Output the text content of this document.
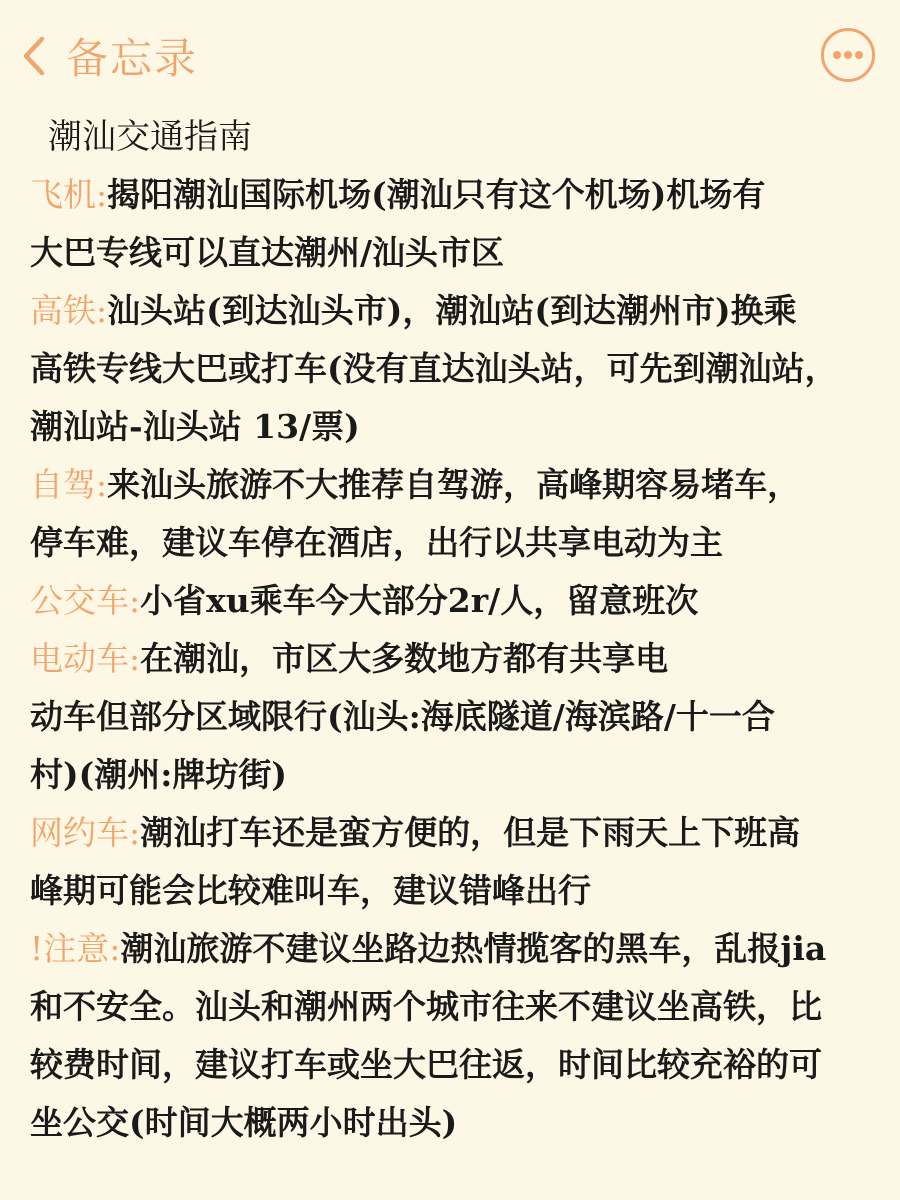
备忘录
潮汕交通指南
飞机:揭阳潮汕国际机场(潮汕只有这个机场)机场有
大巴专线可以直达潮州/汕头市区
高铁:汕头站(到达汕头市)，潮汕站(到达潮州市)换乘
高铁专线大巴或打车(没有直达汕头站，可先到潮汕站，
潮汕站-汕头站 13/票)
自驾:来汕头旅游不大推荐自驾游，高峰期容易堵车，
停车难，建议车停在酒店，出行以共享电动为主
公交车:小省xu乘车今大部分2r/人，留意班次
电动车:在潮汕，市区大多数地方都有共享电
动车但部分区域限行(汕头:海底隧道/海滨路/十一合
村)(潮州:牌坊街)
网约车:潮汕打车还是蛮方便的，但是下雨天上下班高
峰期可能会比较难叫车，建议错峰出行
!注意:潮汕旅游不建议坐路边热情揽客的黑车，乱报jia
和不安全。汕头和潮州两个城市往来不建议坐高铁，比
较费时间，建议打车或坐大巴往返，时间比较充裕的可
坐公交(时间大概两小时出头)
